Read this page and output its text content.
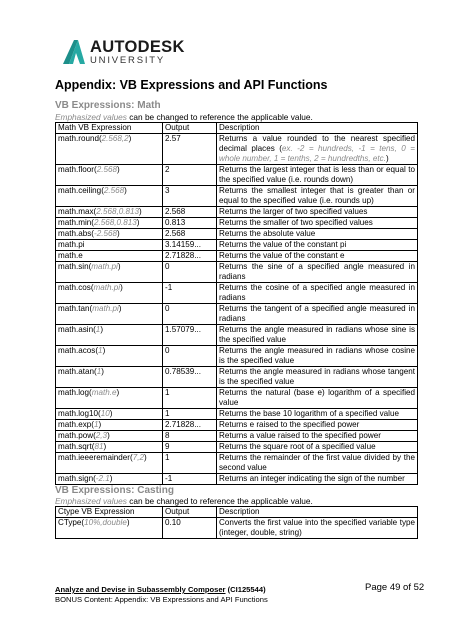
AUTODESK
UNIVERSITY
Appendix: VB Expressions and API Functions
VB Expressions: Math
Emphasized values can be changed to reference the applicable value.
Math VB Expression	Output	Description
math.round(2.568,2)	2.57	Returns a value rounded to the nearest specified decimal places (ex. -2 = hundreds, -1 = tens, 0 = whole number, 1 = tenths, 2 = hundredths, etc.)
math.floor(2.568)	2	Returns the largest integer that is less than or equal to the specified value (i.e. rounds down)
math.ceiling(2.568)	3	Returns the smallest integer that is greater than or equal to the specified value (i.e. rounds up)
math.max(2.568,0.813)	2.568	Returns the larger of two specified values
math.min(2.568,0.813)	0.813	Returns the smaller of two specified values
math.abs(-2.568)	2.568	Returns the absolute value
math.pi	3.14159...	Returns the value of the constant pi
math.e	2.71828...	Returns the value of the constant e
math.sin(math.pi)	0	Returns the sine of a specified angle measured in radians
math.cos(math.pi)	-1	Returns the cosine of a specified angle measured in radians
math.tan(math.pi)	0	Returns the tangent of a specified angle measured in radians
math.asin(1)	1.57079...	Returns the angle measured in radians whose sine is the specified value
math.acos(1)	0	Returns the angle measured in radians whose cosine is the specified value
math.atan(1)	0.78539...	Returns the angle measured in radians whose tangent is the specified value
math.log(math.e)	1	Returns the natural (base e) logarithm of a specified value
math.log10(10)	1	Returns the base 10 logarithm of a specified value
math.exp(1)	2.71828...	Returns e raised to the specified power
math.pow(2,3)	8	Returns a value raised to the specified power
math.sqrt(81)	9	Returns the square root of a specified value
math.ieeeremainder(7,2)	1	Returns the remainder of the first value divided by the second value
math.sign(-2.1)	-1	Returns an integer indicating the sign of the number
VB Expressions: Casting
Emphasized values can be changed to reference the applicable value.
Ctype VB Expression	Output	Description
CType(10%,double)	0.10	Converts the first value into the specified variable type (integer, double, string)
Analyze and Devise in Subassembly Composer (CI125544)
BONUS Content: Appendix: VB Expressions and API Functions
Page 49 of 52
